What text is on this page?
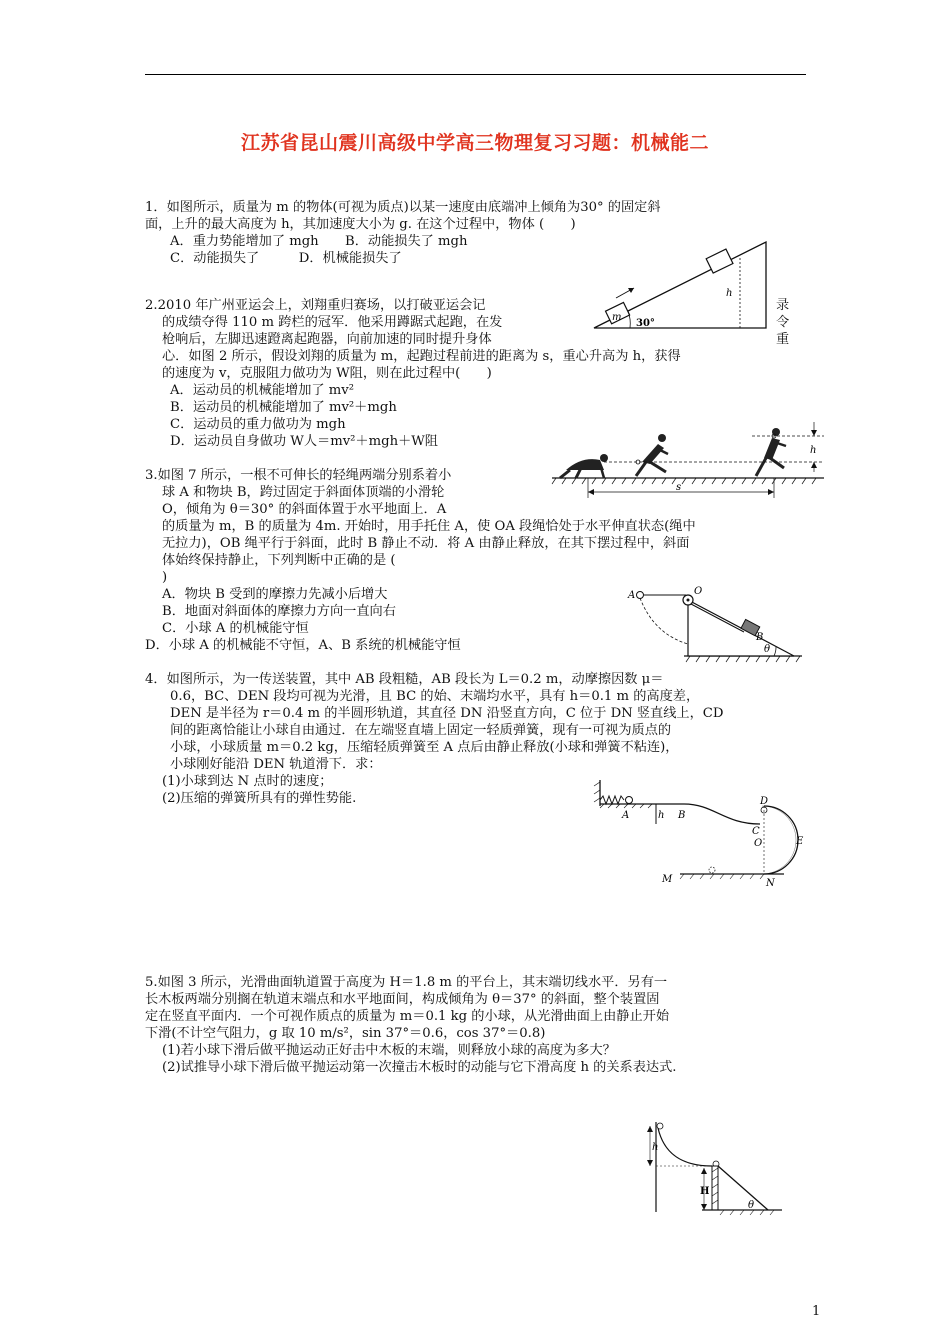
江苏省昆山震川高级中学高三物理复习习题：机械能二
1．如图所示，质量为 m 的物体(可视为质点)以某一速度由底端冲上倾角为30° 的固定斜
面，上升的最大高度为 h，其加速度大小为 g. 在这个过程中，物体 (　　)
A．重力势能增加了 mgh　　B．动能损失了 mgh
C．动能损失了　　　D．机械能损失了
h
m
30°
2.2010 年广州亚运会上，刘翔重归赛场，以打破亚运会记
的成绩夺得 110 m 跨栏的冠军．他采用蹲踞式起跑，在发
枪响后，左脚迅速蹬离起跑器，向前加速的同时提升身体
心．如图 2 所示，假设刘翔的质量为 m，起跑过程前进的距离为 s，重心升高为 h，获得
的速度为 v，克服阻力做功为 W阻，则在此过程中(　　)
录
令
重
A．运动员的机械能增加了 mv²
B．运动员的机械能增加了 mv²＋mgh
C．运动员的重力做功为 mgh
D．运动员自身做功 W人＝mv²＋mgh＋W阻
h
s
3.如图 7 所示，一根不可伸长的轻绳两端分别系着小
球 A 和物块 B，跨过固定于斜面体顶端的小滑轮
O，倾角为 θ＝30° 的斜面体置于水平地面上．A
的质量为 m，B 的质量为 4m. 开始时，用手托住 A，使 OA 段绳恰处于水平伸直状态(绳中
无拉力)，OB 绳平行于斜面，此时 B 静止不动．将 A 由静止释放，在其下摆过程中，斜面
体始终保持静止，下列判断中正确的是 (
)
A．物块 B 受到的摩擦力先减小后增大
B．地面对斜面体的摩擦力方向一直向右
C．小球 A 的机械能守恒
D．小球 A 的机械能不守恒，A、B 系统的机械能守恒
A	O
B
θ
4．如图所示，为一传送装置，其中 AB 段粗糙，AB 段长为 L＝0.2 m，动摩擦因数 μ＝
0.6，BC、DEN 段均可视为光滑，且 BC 的始、末端均水平，具有 h＝0.1 m 的高度差，
DEN 是半径为 r＝0.4 m 的半圆形轨道，其直径 DN 沿竖直方向，C 位于 DN 竖直线上，CD
间的距离恰能让小球自由通过．在左端竖直墙上固定一轻质弹簧，现有一可视为质点的
小球，小球质量 m＝0.2 kg，压缩轻质弹簧至 A 点后由静止释放(小球和弹簧不粘连)，
小球刚好能沿 DEN 轨道滑下．求：
(1)小球到达 N 点时的速度；
(2)压缩的弹簧所具有的弹性势能.
A	h B
C
D
O	E
M	N
5.如图 3 所示，光滑曲面轨道置于高度为 H＝1.8 m 的平台上，其末端切线水平．另有一
长木板两端分别搁在轨道末端点和水平地面间，构成倾角为 θ＝37° 的斜面，整个装置固
定在竖直平面内．一个可视作质点的质量为 m＝0.1 kg 的小球，从光滑曲面上由静止开始
下滑(不计空气阻力，g 取 10 m/s²，sin 37°＝0.6，cos 37°＝0.8)
(1)若小球下滑后做平抛运动正好击中木板的末端，则释放小球的高度为多大？
(2)试推导小球下滑后做平抛运动第一次撞击木板时的动能与它下滑高度 h 的关系表达式.
h
H
θ
1
